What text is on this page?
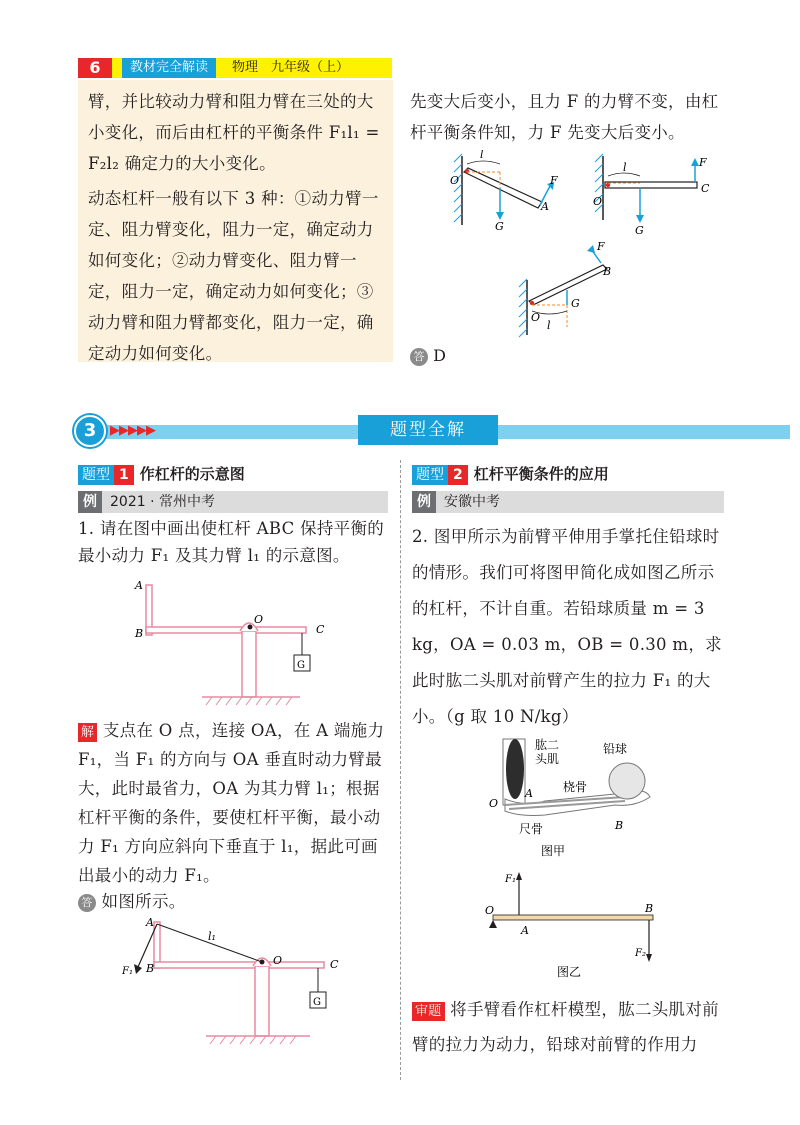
6	教材完全解读	物理　九年级（上）

臂，并比较动力臂和阻力臂在三处的大小变化，而后由杠杆的平衡条件 F₁l₁ = F₂l₂ 确定力的大小变化。

动态杠杆一般有以下 3 种：①动力臂一定、阻力臂变化，阻力一定，确定动力如何变化；②动力臂变化、阻力臂一定，阻力一定，确定动力如何变化；③动力臂和阻力臂都变化，阻力一定，确定动力如何变化。

先变大后变小，且力 F 的力臂不变，由杠杆平衡条件知，力 F 先变大后变小。
l
O	F
A
G
l
O
F
C
G
F
B
G
O
l
答 D
3	▶▶▶▶▶	题型全解
题型 1 作杠杆的示意图
例 2021 · 常州中考
1. 请在图中画出使杠杆 ABC 保持平衡的最小动力 F₁ 及其力臂 l₁ 的示意图。
A
B
O
C
G
解 支点在 O 点，连接 OA，在 A 端施力 F₁，当 F₁ 的方向与 OA 垂直时动力臂最大，此时最省力，OA 为其力臂 l₁；根据杠杆平衡的条件，要使杠杆平衡，最小动力 F₁ 方向应斜向下垂直于 l₁，据此可画出最小的动力 F₁。
答 如图所示。
A
B
l₁
F₁
O	C
G
题型 2 杠杆平衡条件的应用
例 安徽中考
2. 图甲所示为前臂平伸用手掌托住铅球时的情形。我们可将图甲简化成如图乙所示的杠杆，不计自重。若铅球质量 m = 3 kg，OA = 0.03 m，OB = 0.30 m，求此时肱二头肌对前臂产生的拉力 F₁ 的大小。（g 取 10 N/kg）
肱二
头肌
铅球
桡骨
尺骨
O
A
B
图甲
F₁
O
A
B
F₂
图乙
审题 将手臂看作杠杆模型，肱二头肌对前臂的拉力为动力，铅球对前臂的作用力
